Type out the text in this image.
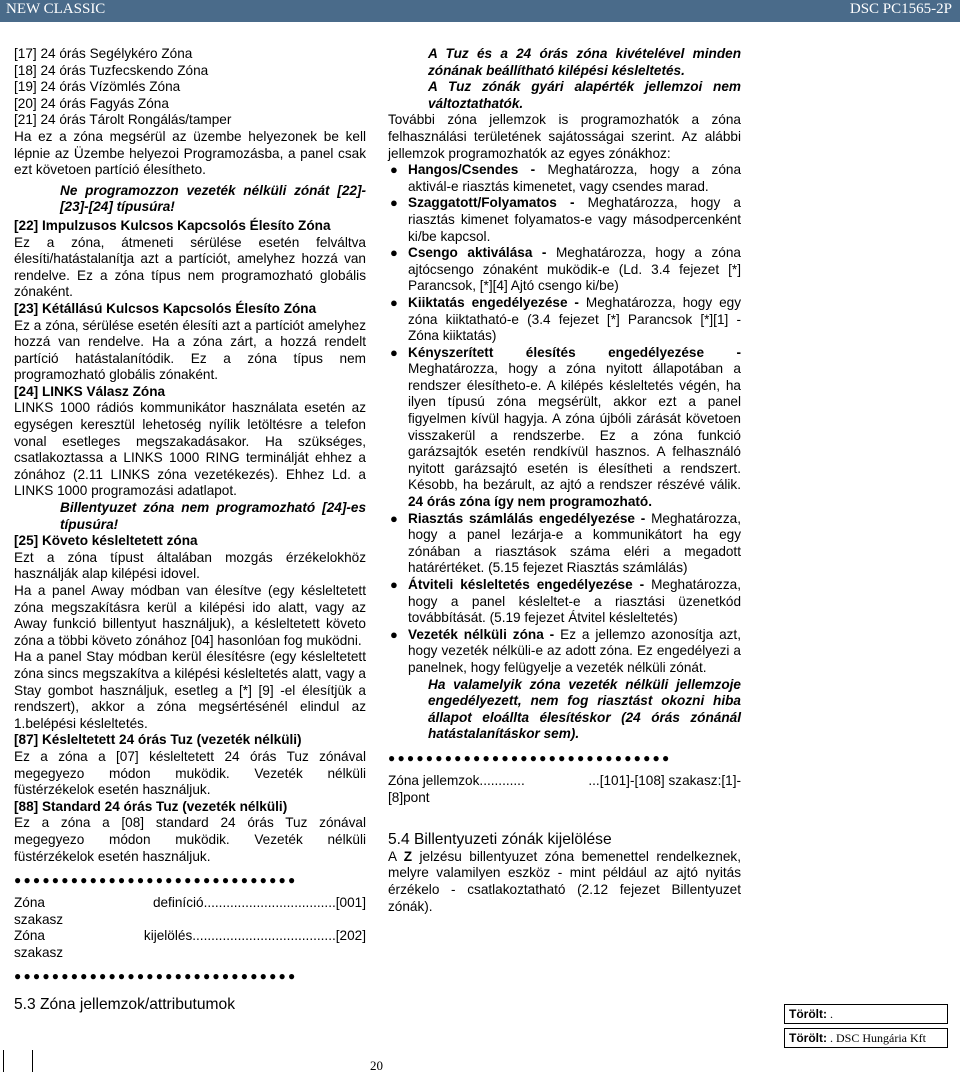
NEW CLASSIC	DSC PC1565-2P

[17] 24 órás Segélykéro Zóna

[18] 24 órás Tuzfecskendo Zóna

[19] 24 órás Vízömlés Zóna

[20] 24 órás Fagyás Zóna

[21] 24 órás Tárolt Rongálás/tamper

Ha ez a zóna megsérül az üzembe helyezonek be kell lépnie az Üzembe helyezoi Programozásba, a panel csak ezt követoen partíció élesítheto.

Ne programozzon vezeték nélküli zónát [22]-[23]-[24] típusúra!

[22] Impulzusos Kulcsos Kapcsolós Élesíto Zóna

Ez a zóna, átmeneti sérülése esetén felváltva élesíti/hatástalanítja azt a partíciót, amelyhez hozzá van rendelve. Ez a zóna típus nem programozható globális zónaként.

[23] Kétállású Kulcsos Kapcsolós Élesíto Zóna

Ez a zóna, sérülése esetén élesíti azt a partíciót amelyhez hozzá van rendelve. Ha a zóna zárt, a hozzá rendelt partíció hatástalanítódik. Ez a zóna típus nem programozható globális zónaként.

[24] LINKS Válasz Zóna

LINKS 1000 rádiós kommunikátor használata esetén az egységen keresztül lehetoség nyílik letöltésre a telefon vonal esetleges megszakadásakor. Ha szükséges, csatlakoztassa a LINKS 1000 RING terminálját ehhez a zónához (2.11 LINKS zóna vezetékezés). Ehhez Ld. a LINKS 1000 programozási adatlapot.

Billentyuzet zóna nem programozható [24]-es típusúra!

[25] Követo késleltetett zóna

Ezt a zóna típust általában mozgás érzékelokhöz használják alap kilépési idovel.

Ha a panel Away módban van élesítve (egy késleltetett zóna megszakításra kerül a kilépési ido alatt, vagy az Away funkció billentyut használjuk), a késleltetett követo zóna a többi követo zónához [04] hasonlóan fog muködni.

Ha a panel Stay módban kerül élesítésre (egy késleltetett zóna sincs megszakítva a kilépési késleltetés alatt, vagy a Stay gombot használjuk, esetleg a [*] [9] -el élesítjük a rendszert), akkor a zóna megsértésénél elindul az 1.belépési késleltetés.

[87] Késleltetett 24 órás Tuz (vezeték nélküli)

Ez a zóna a [07] késleltetett 24 órás Tuz zónával megegyezo módon muködik. Vezeték nélküli füstérzékelok esetén használjuk.

[88] Standard 24 órás Tuz (vezeték nélküli)

Ez a zóna a [08] standard 24 órás Tuz zónával megegyezo módon muködik. Vezeték nélküli füstérzékelok esetén használjuk.

●●●●●●●●●●●●●●●●●●●●●●●●●●●●●●
Zóna	definíció...................................[001]

szakasz

Zóna	kijelölés......................................[202]

szakasz

●●●●●●●●●●●●●●●●●●●●●●●●●●●●●●
5.3 Zóna jellemzok/attributumok

A Tuz és a 24 órás zóna kivételével minden zónának beállítható kilépési késleltetés.

A Tuz zónák gyári alapérték jellemzoi nem változtathatók.

További zóna jellemzok is programozhatók a zóna felhasználási területének sajátosságai szerint. Az alábbi jellemzok programozhatók az egyes zónákhoz:

● Hangos/Csendes - Meghatározza, hogy a zóna aktivál-e riasztás kimenetet, vagy csendes marad.
● Szaggatott/Folyamatos - Meghatározza, hogy a riasztás kimenet folyamatos-e vagy másodpercenként ki/be kapcsol.
● Csengo aktiválása - Meghatározza, hogy a zóna ajtócsengo zónaként muködik-e (Ld. 3.4 fejezet [*] Parancsok, [*][4] Ajtó csengo ki/be)
● Kiiktatás engedélyezése - Meghatározza, hogy egy zóna kiiktatható-e (3.4 fejezet [*] Parancsok [*][1] - Zóna kiiktatás)
● Kényszerített élesítés engedélyezése - Meghatározza, hogy a zóna nyitott állapotában a rendszer élesítheto-e. A kilépés késleltetés végén, ha ilyen típusú zóna megsérült, akkor ezt a panel figyelmen kívül hagyja. A zóna újbóli zárását követoen visszakerül a rendszerbe. Ez a zóna funkció garázsajtók esetén rendkívül hasznos. A felhasználó nyitott garázsajtó esetén is élesítheti a rendszert. Késobb, ha bezárult, az ajtó a rendszer részévé válik. 24 órás zóna így nem programozható.
● Riasztás számlálás engedélyezése - Meghatározza, hogy a panel lezárja-e a kommunikátort ha egy zónában a riasztások száma eléri a megadott határértéket. (5.15 fejezet Riasztás számlálás)
● Átviteli késleltetés engedélyezése - Meghatározza, hogy a panel késleltet-e a riasztási üzenetkód továbbítását. (5.19 fejezet Átvitel késleltetés)
● Vezeték nélküli zóna - Ez a jellemzo azonosítja azt, hogy vezeték nélküli-e az adott zóna. Ez engedélyezi a panelnek, hogy felügyelje a vezeték nélküli zónát.

Ha valamelyik zóna vezeték nélküli jellemzoje engedélyezett, nem fog riasztást okozni hiba állapot eloállta élesítéskor (24 órás zónánál hatástalanításkor sem).

●●●●●●●●●●●●●●●●●●●●●●●●●●●●●●
Zóna jellemzok............	...[101]-[108] szakasz:[1]-

[8]pont

5.4 Billentyuzeti zónák kijelölése

A Z jelzésu billentyuzet zóna bemenettel rendelkeznek, melyre valamilyen eszköz - mint például az ajtó nyitás érzékelo - csatlakoztatható (2.12 fejezet Billentyuzet zónák).

Törölt: .
Törölt: . DSC Hungária Kft
20
